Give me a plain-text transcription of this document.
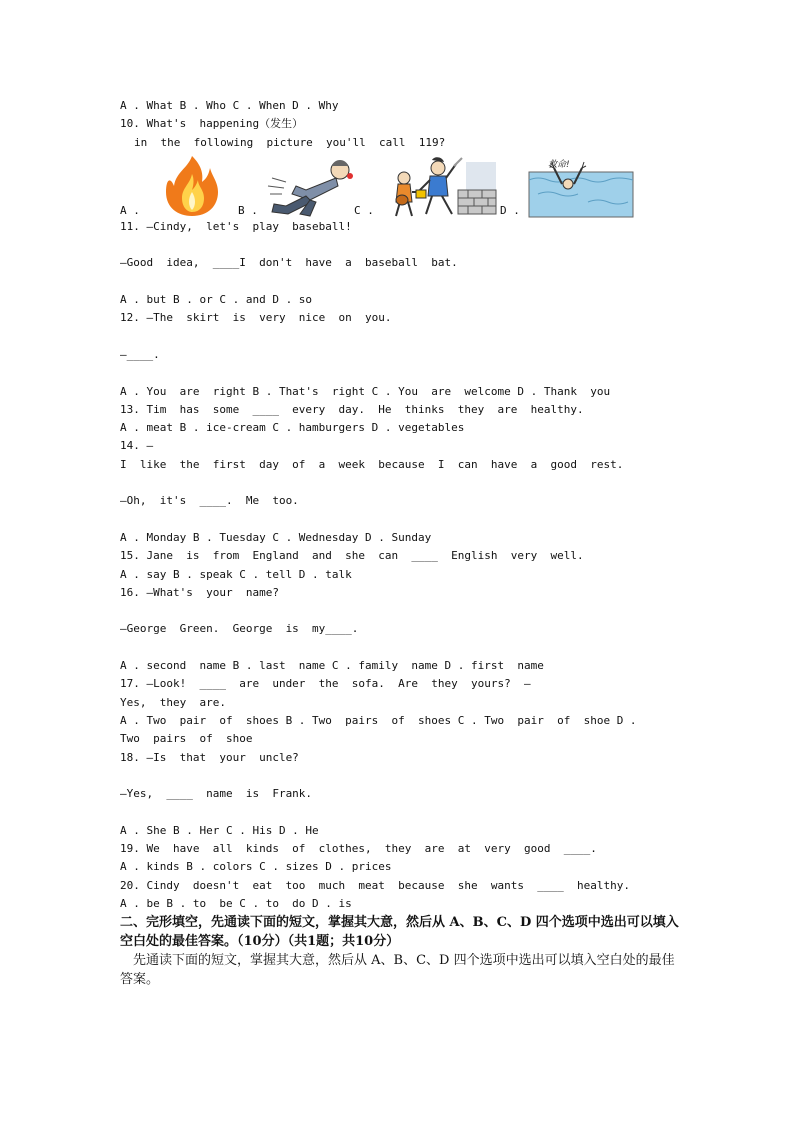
A . What B . Who C . When D . Why
10. What's  happening（发生）
in  the  following  picture  you'll  call  119?
A .	B .	C .	D .
救命!
11. —Cindy,  let's  play  baseball!
—Good  idea,  ____I  don't  have  a  baseball  bat.
A . but B . or C . and D . so
12. —The  skirt  is  very  nice  on  you.
—____.
A . You  are  right B . That's  right C . You  are  welcome D . Thank  you
13. Tim  has  some  ____  every  day.  He  thinks  they  are  healthy.
A . meat B . ice-cream C . hamburgers D . vegetables
14. —
I  like  the  first  day  of  a  week  because  I  can  have  a  good  rest.
—Oh,  it's  ____.  Me  too.
A . Monday B . Tuesday C . Wednesday D . Sunday
15. Jane  is  from  England  and  she  can  ____  English  very  well.
A . say B . speak C . tell D . talk
16. —What's  your  name?
—George  Green.  George  is  my____.
A . second  name B . last  name C . family  name D . first  name
17. —Look!  ____  are  under  the  sofa.  Are  they  yours?  —
Yes,  they  are.
A . Two  pair  of  shoes B . Two  pairs  of  shoes C . Two  pair  of  shoe D .
Two  pairs  of  shoe
18. —Is  that  your  uncle?
—Yes,  ____  name  is  Frank.
A . She B . Her C . His D . He
19. We  have  all  kinds  of  clothes,  they  are  at  very  good  ____.
A . kinds B . colors C . sizes D . prices
20. Cindy  doesn't  eat  too  much  meat  because  she  wants  ____  healthy.
A . be B . to  be C . to  do D . is
二、完形填空，先通读下面的短文，掌握其大意，然后从 A、B、C、D 四个选项中选出可以填入空白处的最佳答案。（10分）（共1题；共10分）
先通读下面的短文，掌握其大意，然后从 A、B、C、D 四个选项中选出可以填入空白处的最佳答案。
